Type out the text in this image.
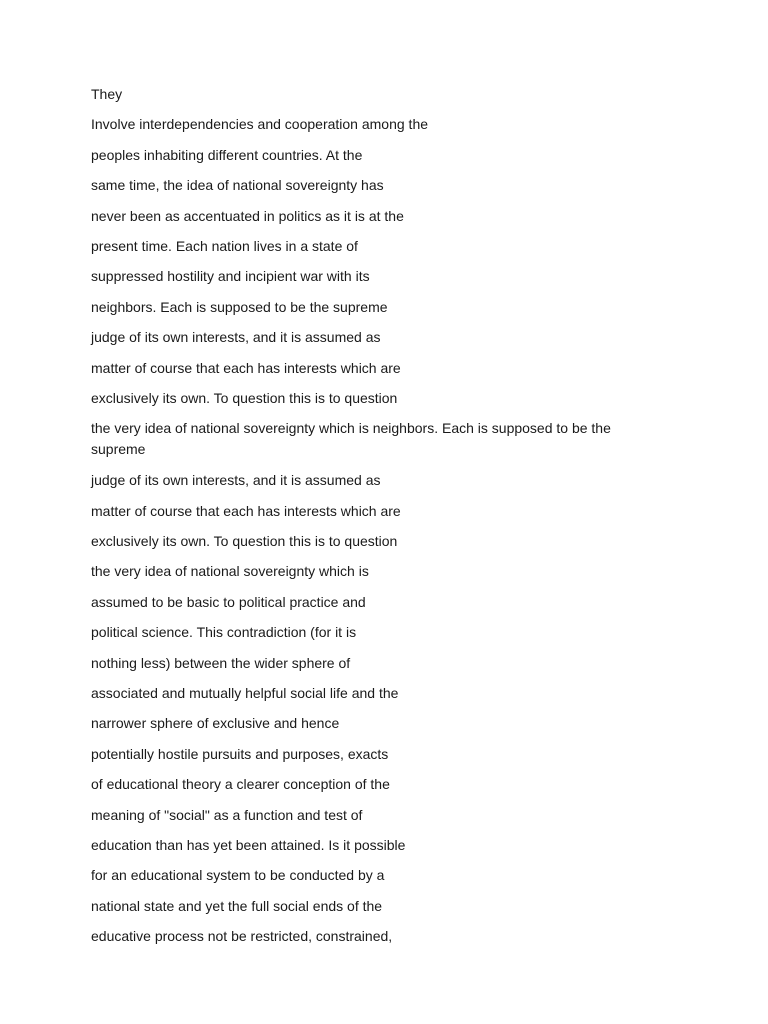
They

Involve interdependencies and cooperation among the

peoples inhabiting different countries. At the

same time, the idea of national sovereignty has

never been as accentuated in politics as it is at the

present time. Each nation lives in a state of

suppressed hostility and incipient war with its

neighbors. Each is supposed to be the supreme

judge of its own interests, and it is assumed as

matter of course that each has interests which are

exclusively its own. To question this is to question

the very idea of national sovereignty which is neighbors. Each is supposed to be the supreme

judge of its own interests, and it is assumed as

matter of course that each has interests which are

exclusively its own. To question this is to question

the very idea of national sovereignty which is

assumed to be basic to political practice and

political science. This contradiction (for it is

nothing less) between the wider sphere of

associated and mutually helpful social life and the

narrower sphere of exclusive and hence

potentially hostile pursuits and purposes, exacts

of educational theory a clearer conception of the

meaning of "social" as a function and test of

education than has yet been attained. Is it possible

for an educational system to be conducted by a

national state and yet the full social ends of the

educative process not be restricted, constrained,
